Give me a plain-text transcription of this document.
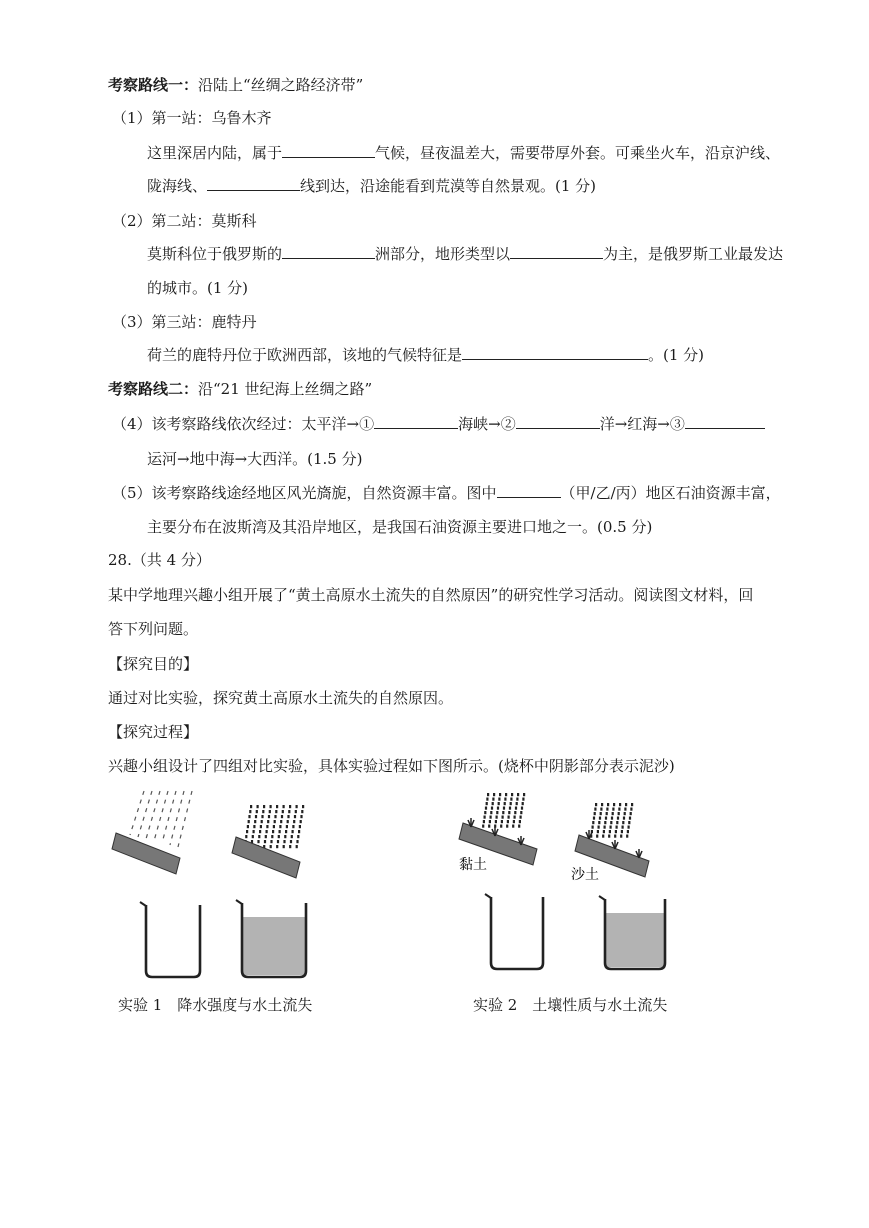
考察路线一：沿陆上“丝绸之路经济带”
（1）第一站：乌鲁木齐
这里深居内陆，属于	气候，昼夜温差大，需要带厚外套。可乘坐火车，沿京沪线、
陇海线、	线到达，沿途能看到荒漠等自然景观。(1 分)
（2）第二站：莫斯科
莫斯科位于俄罗斯的	洲部分，地形类型以	为主，是俄罗斯工业最发达
的城市。(1 分)
（3）第三站：鹿特丹
荷兰的鹿特丹位于欧洲西部，该地的气候特征是	。(1 分)
考察路线二：沿“21 世纪海上丝绸之路”
（4）该考察路线依次经过：太平洋→①	海峡→②	洋→红海→③
运河→地中海→大西洋。(1.5 分)
（5）该考察路线途经地区风光旖旎，自然资源丰富。图中	（甲/乙/丙）地区石油资源丰富，
主要分布在波斯湾及其沿岸地区，是我国石油资源主要进口地之一。(0.5 分)
28.（共 4 分）
某中学地理兴趣小组开展了“黄土高原水土流失的自然原因”的研究性学习活动。阅读图文材料，回
答下列问题。
【探究目的】
通过对比实验，探究黄土高原水土流失的自然原因。
【探究过程】
兴趣小组设计了四组对比实验，具体实验过程如下图所示。(烧杯中阴影部分表示泥沙)
实验 1　降水强度与水土流失
黏土
沙土
实验 2　土壤性质与水土流失
